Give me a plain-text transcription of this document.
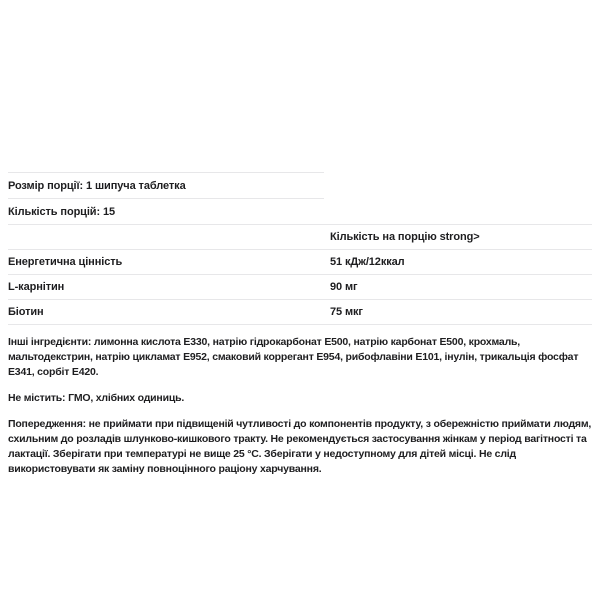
Розмір порції: 1 шипуча таблетка
Кількість порцій: 15
	Кількість на порцію strong>
Енергетична цінність	51 кДж/12ккал
L-карнітин	90 мг
Біотин	75 мкг

Інші інгредієнти: лимонна кислота Е330, натрію гідрокарбонат Е500, натрію карбонат Е500, крохмаль, мальтодекстрин, натрію цикламат Е952, смаковий коррегант Е954, рибофлавіни Е101, інулін, трикальція фосфат Е341, сорбіт Е420.

Не містить: ГМО, хлібних одиниць.

Попередження: не приймати при підвищеній чутливості до компонентів продукту, з обережністю приймати людям, схильним до розладів шлунково-кишкового тракту. Не рекомендується застосування жінкам у період вагітності та лактації. Зберігати при температурі не вище 25 °С. Зберігати у недоступному для дітей місці. Не слід використовувати як заміну повноцінного раціону харчування.
